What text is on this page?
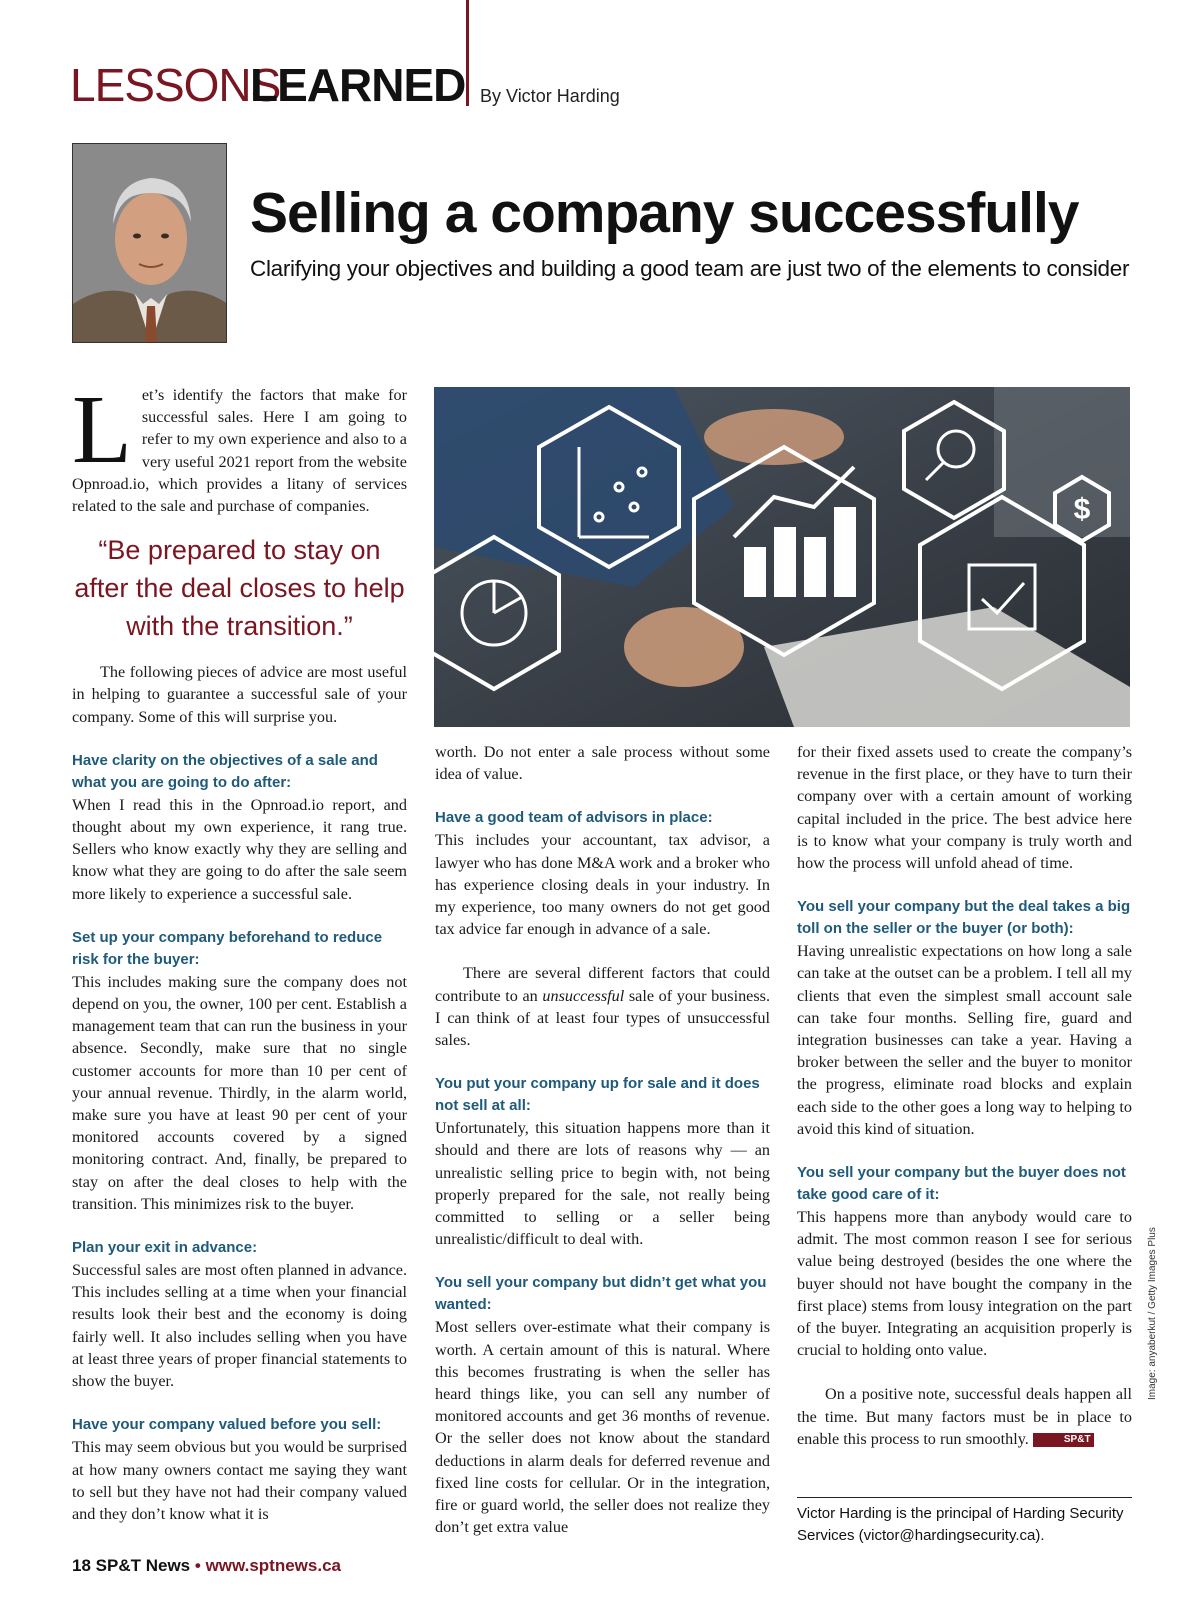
LESSONS
LEARNED By Victor Harding
Selling a company successfully
Clarifying your objectives and building a good team are just two of the elements to consider
L et’s identify the factors that make for successful sales. Here I am going to refer to my own experience and also to a very useful 2021 report from the website Opnroad.io, which provides a litany of services related to the sale and purchase of companies.

“Be prepared to stay on after the deal closes to help with the transition.”

The following pieces of advice are most useful in helping to guarantee a successful sale of your company. Some of this will surprise you.

Have clarity on the objectives of a sale and what you are going to do after:

When I read this in the Opnroad.io report, and thought about my own experience, it rang true. Sellers who know exactly why they are selling and know what they are going to do after the sale seem more likely to experience a successful sale.

Set up your company beforehand to reduce risk for the buyer:

This includes making sure the company does not depend on you, the owner, 100 per cent. Establish a management team that can run the business in your absence. Secondly, make sure that no single customer accounts for more than 10 per cent of your annual revenue. Thirdly, in the alarm world, make sure you have at least 90 per cent of your monitored accounts covered by a signed monitoring contract. And, finally, be prepared to stay on after the deal closes to help with the transition. This minimizes risk to the buyer.

Plan your exit in advance:

Successful sales are most often planned in advance. This includes selling at a time when your financial results look their best and the economy is doing fairly well. It also includes selling when you have at least three years of proper financial statements to show the buyer.

Have your company valued before you sell:

This may seem obvious but you would be surprised at how many owners contact me saying they want to sell but they have not had their company valued and they don’t know what it is

$

worth. Do not enter a sale process without some idea of value.

Have a good team of advisors in place:

This includes your accountant, tax advisor, a lawyer who has done M&A work and a broker who has experience closing deals in your industry. In my experience, too many owners do not get good tax advice far enough in advance of a sale.

There are several different factors that could contribute to an unsuccessful sale of your business. I can think of at least four types of unsuccessful sales.

You put your company up for sale and it does not sell at all:

Unfortunately, this situation happens more than it should and there are lots of reasons why — an unrealistic selling price to begin with, not being properly prepared for the sale, not really being committed to selling or a seller being unrealistic/difficult to deal with.

You sell your company but didn’t get what you wanted:

Most sellers over-estimate what their company is worth. A certain amount of this is natural. Where this becomes frustrating is when the seller has heard things like, you can sell any number of monitored accounts and get 36 months of revenue. Or the seller does not know about the standard deductions in alarm deals for deferred revenue and fixed line costs for cellular. Or in the integration, fire or guard world, the seller does not realize they don’t get extra value

for their fixed assets used to create the company’s revenue in the first place, or they have to turn their company over with a certain amount of working capital included in the price. The best advice here is to know what your company is truly worth and how the process will unfold ahead of time.

You sell your company but the deal takes a big toll on the seller or the buyer (or both):

Having unrealistic expectations on how long a sale can take at the outset can be a problem. I tell all my clients that even the simplest small account sale can take four months. Selling fire, guard and integration businesses can take a year. Having a broker between the seller and the buyer to monitor the progress, eliminate road blocks and explain each side to the other goes a long way to helping to avoid this kind of situation.

You sell your company but the buyer does not take good care of it:

This happens more than anybody would care to admit. The most common reason I see for serious value being destroyed (besides the one where the buyer should not have bought the company in the first place) stems from lousy integration on the part of the buyer. Integrating an acquisition properly is crucial to holding onto value.

On a positive note, successful deals happen all the time. But many factors must be in place to enable this process to run smoothly.	SP&T

Victor Harding is the principal of Harding Security Services (victor@hardingsecurity.ca).
Image: anyaberkut / Getty Images Plus
18 SP&T News • www.sptnews.ca
